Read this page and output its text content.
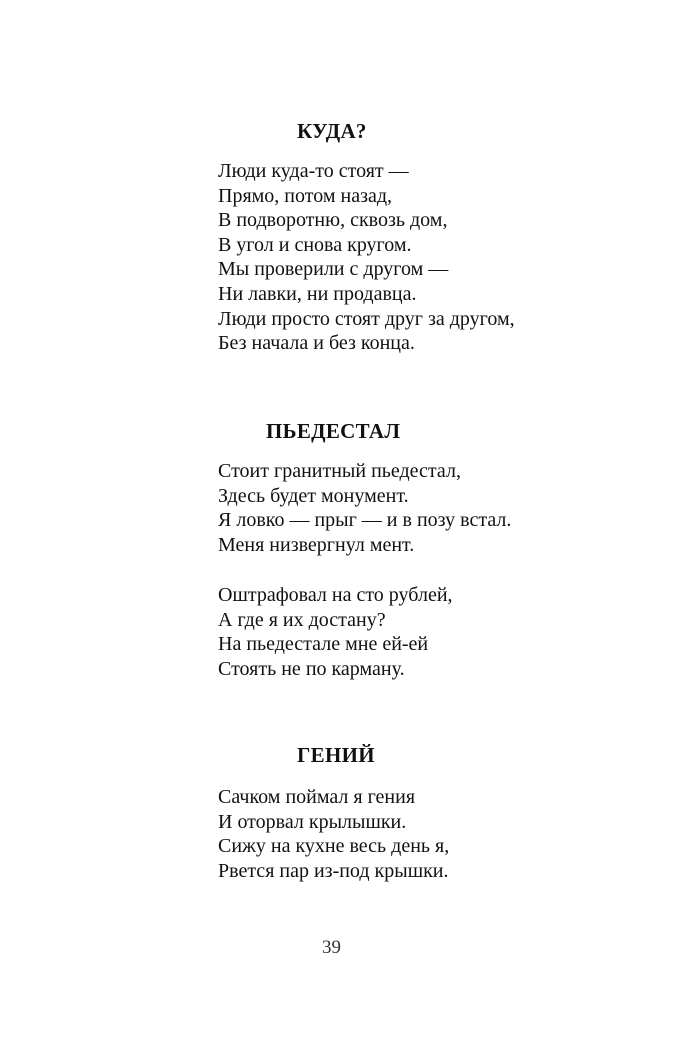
КУДА?
Люди куда-то стоят —
Прямо, потом назад,
В подворотню, сквозь дом,
В угол и снова кругом.
Мы проверили с другом —
Ни лавки, ни продавца.
Люди просто стоят друг за другом,
Без начала и без конца.
ПЬЕДЕСТАЛ
Стоит гранитный пьедестал,
Здесь будет монумент.
Я ловко — прыг — и в позу встал.
Меня низвергнул мент.
Оштрафовал на сто рублей,
А где я их достану?
На пьедестале мне ей-ей
Стоять не по карману.
ГЕНИЙ
Сачком поймал я гения
И оторвал крылышки.
Сижу на кухне весь день я,
Рвется пар из-под крышки.
39
